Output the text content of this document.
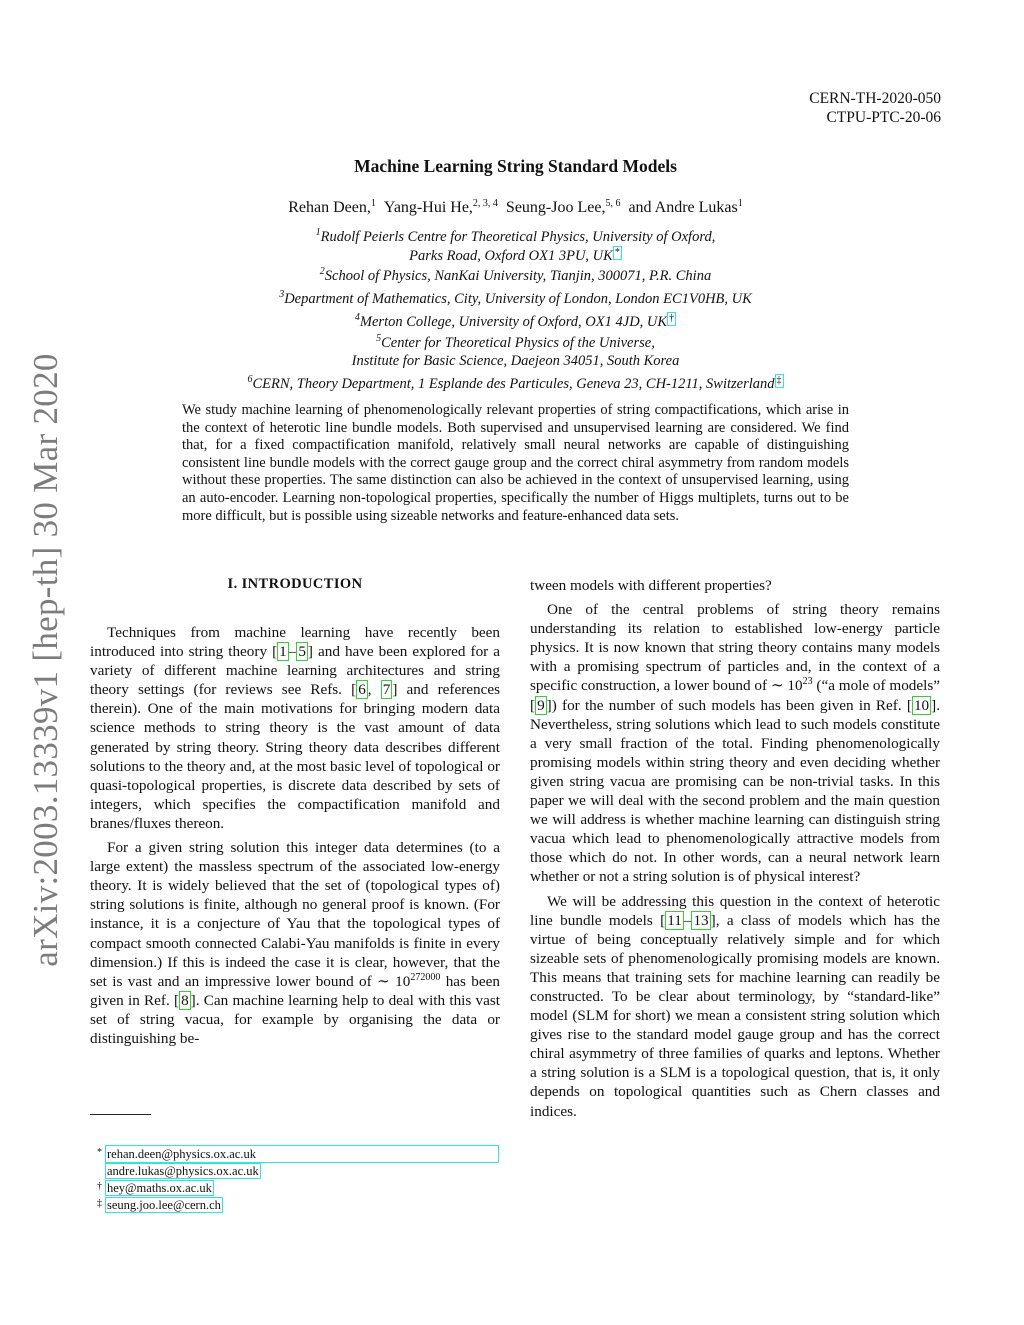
CERN-TH-2020-050
CTPU-PTC-20-06
Machine Learning String Standard Models
Rehan Deen,$^1$ Yang-Hui He,$^{2, 3, 4}$ Seung-Joo Lee,$^{5, 6}$ and Andre Lukas$^1$
$^1$Rudolf Peierls Centre for Theoretical Physics, University of Oxford,
Parks Road, Oxford OX1 3PU, UK *
$^2$School of Physics, NanKai University, Tianjin, 300071, P.R. China
$^3$Department of Mathematics, City, University of London, London EC1V0HB, UK
$^4$Merton College, University of Oxford, OX1 4JD, UK †
$^5$Center for Theoretical Physics of the Universe,
Institute for Basic Science, Daejeon 34051, South Korea
$^6$CERN, Theory Department, 1 Esplande des Particules, Geneva 23, CH-1211, Switzerland ‡
We study machine learning of phenomenologically relevant properties of string compactifications, which arise in the context of heterotic line bundle models. Both supervised and unsupervised learning are considered. We find that, for a fixed compactification manifold, relatively small neural networks are capable of distinguishing consistent line bundle models with the correct gauge group and the correct chiral asymmetry from random models without these properties. The same distinction can also be achieved in the context of unsupervised learning, using an auto-encoder. Learning non-topological properties, specifically the number of Higgs multiplets, turns out to be more difficult, but is possible using sizeable networks and feature-enhanced data sets.
arXiv:2003.13339v1 [hep-th] 30 Mar 2020	I. INTRODUCTION

Techniques from machine learning have recently been introduced into string theory [ 1 – 5 ] and have been explored for a variety of different machine learning architectures and string theory settings (for reviews see Refs. [ 6 , 7 ] and references therein). One of the main motivations for bringing modern data science methods to string theory is the vast amount of data generated by string theory. String theory data describes different solutions to the theory and, at the most basic level of topological or quasi-topological properties, is discrete data described by sets of integers, which specifies the compactification manifold and branes/fluxes thereon.

For a given string solution this integer data determines (to a large extent) the massless spectrum of the associated low-energy theory. It is widely believed that the set of (topological types of) string solutions is finite, although no general proof is known. (For instance, it is a conjecture of Yau that the topological types of compact smooth connected Calabi-Yau manifolds is finite in every dimension.) If this is indeed the case it is clear, however, that the set is vast and an impressive lower bound of ∼ $10^{272000}$ has been given in Ref. [ 8 ]. Can machine learning help to deal with this vast set of string vacua, for example by organising the data or distinguishing be-

tween models with different properties?

One of the central problems of string theory remains understanding its relation to established low-energy particle physics. It is now known that string theory contains many models with a promising spectrum of particles and, in the context of a specific construction, a lower bound of ∼ $10^{23}$ (“a mole of models” [ 9 ]) for the number of such models has been given in Ref. [ 10 ]. Nevertheless, string solutions which lead to such models constitute a very small fraction of the total. Finding phenomenologically promising models within string theory and even deciding whether given string vacua are promising can be non-trivial tasks. In this paper we will deal with the second problem and the main question we will address is whether machine learning can distinguish string vacua which lead to phenomenologically attractive models from those which do not. In other words, can a neural network learn whether or not a string solution is of physical interest?

We will be addressing this question in the context of heterotic line bundle models [ 11 – 13 ], a class of models which has the virtue of being conceptually relatively simple and for which sizeable sets of phenomenologically promising models are known. This means that training sets for machine learning can readily be constructed. To be clear about terminology, by “standard-like” model (SLM for short) we mean a consistent string solution which gives rise to the standard model gauge group and has the correct chiral asymmetry of three families of quarks and leptons. Whether a string solution is a SLM is a topological question, that is, it only depends on topological quantities such as Chern classes and indices.

* rehan.deen@physics.ox.ac.uk
andre.lukas@physics.ox.ac.uk
† hey@maths.ox.ac.uk
‡ seung.joo.lee@cern.ch
